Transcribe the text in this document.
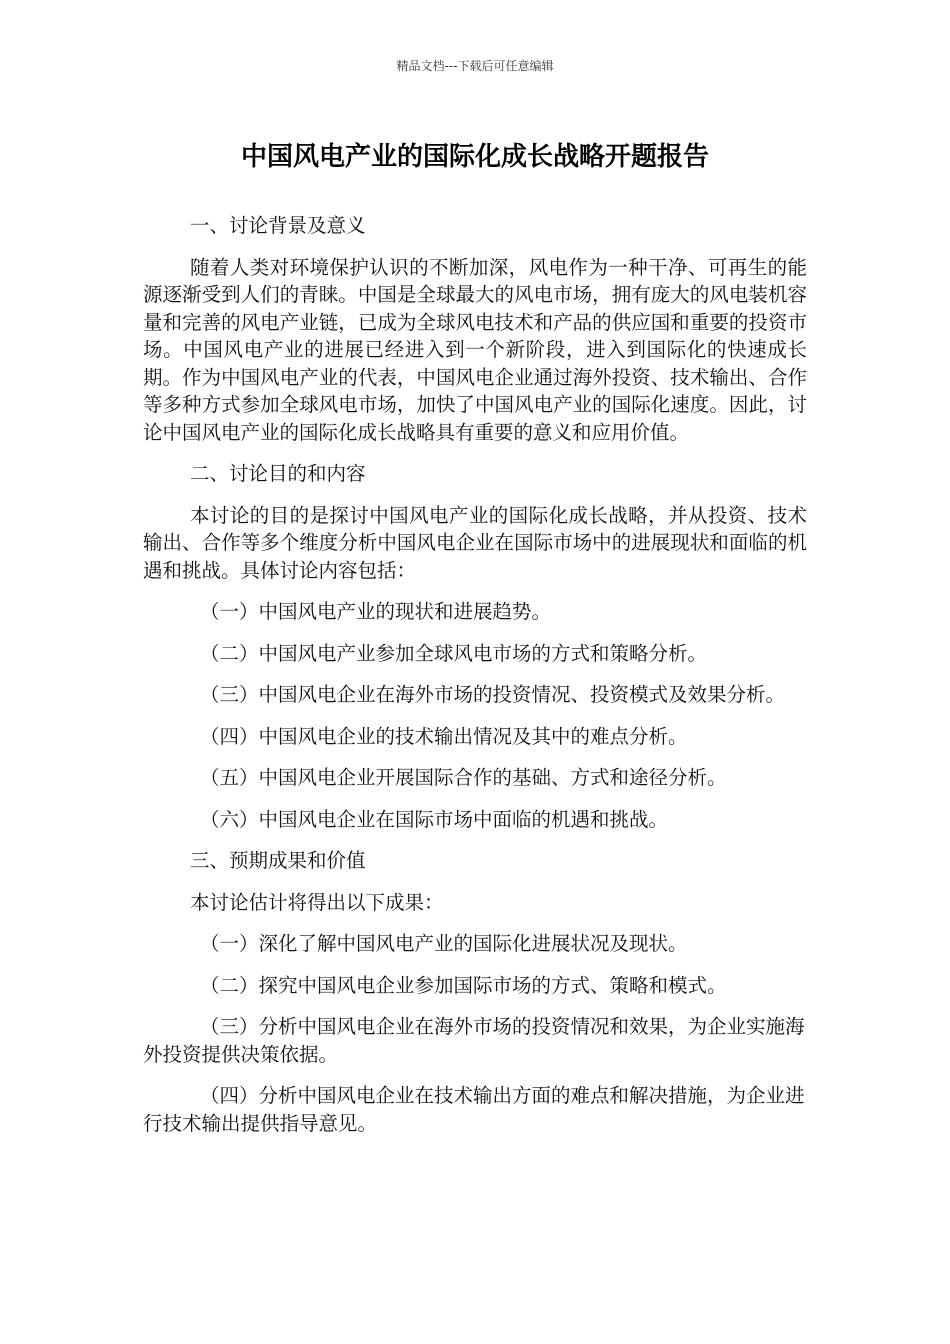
精品文档---下载后可任意编辑
中国风电产业的国际化成长战略开题报告

一、讨论背景及意义

随着人类对环境保护认识的不断加深，风电作为一种干净、可再生的能源逐渐受到人们的青睐。中国是全球最大的风电市场，拥有庞大的风电装机容量和完善的风电产业链，已成为全球风电技术和产品的供应国和重要的投资市场。中国风电产业的进展已经进入到一个新阶段，进入到国际化的快速成长期。作为中国风电产业的代表，中国风电企业通过海外投资、技术输出、合作等多种方式参加全球风电市场，加快了中国风电产业的国际化速度。因此，讨论中国风电产业的国际化成长战略具有重要的意义和应用价值。

二、讨论目的和内容

本讨论的目的是探讨中国风电产业的国际化成长战略，并从投资、技术输出、合作等多个维度分析中国风电企业在国际市场中的进展现状和面临的机遇和挑战。具体讨论内容包括：

（一）中国风电产业的现状和进展趋势。

（二）中国风电产业参加全球风电市场的方式和策略分析。

（三）中国风电企业在海外市场的投资情况、投资模式及效果分析。

（四）中国风电企业的技术输出情况及其中的难点分析。

（五）中国风电企业开展国际合作的基础、方式和途径分析。

（六）中国风电企业在国际市场中面临的机遇和挑战。

三、预期成果和价值

本讨论估计将得出以下成果：

（一）深化了解中国风电产业的国际化进展状况及现状。

（二）探究中国风电企业参加国际市场的方式、策略和模式。

（三）分析中国风电企业在海外市场的投资情况和效果，为企业实施海外投资提供决策依据。

（四）分析中国风电企业在技术输出方面的难点和解决措施，为企业进行技术输出提供指导意见。
